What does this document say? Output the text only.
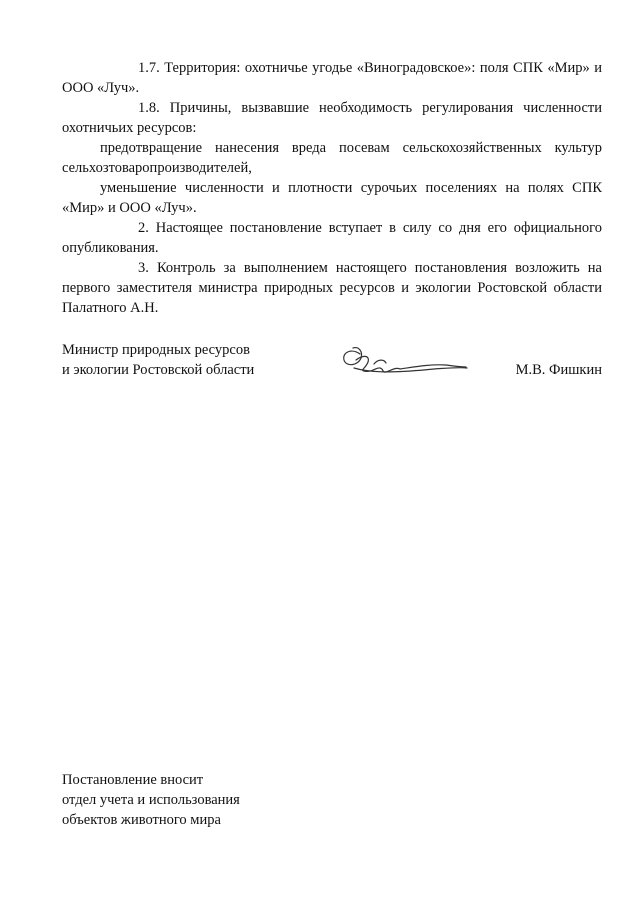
1.7. Территория: охотничье угодье «Виноградовское»: поля СПК «Мир» и ООО «Луч».

1.8. Причины, вызвавшие необходимость регулирования численности охотничьих ресурсов:

предотвращение нанесения вреда посевам сельскохозяйственных культур сельхозтоваропроизводителей,

уменьшение численности и плотности сурочьих поселениях на полях СПК «Мир» и ООО «Луч».

2. Настоящее постановление вступает в силу со дня его официального опубликования.

3. Контроль за выполнением настоящего постановления возложить на первого заместителя министра природных ресурсов и экологии Ростовской области Палатного А.Н.

Министр природных ресурсов
и экологии Ростовской области	М.В. Фишкин
Постановление вносит
отдел учета и использования
объектов животного мира
